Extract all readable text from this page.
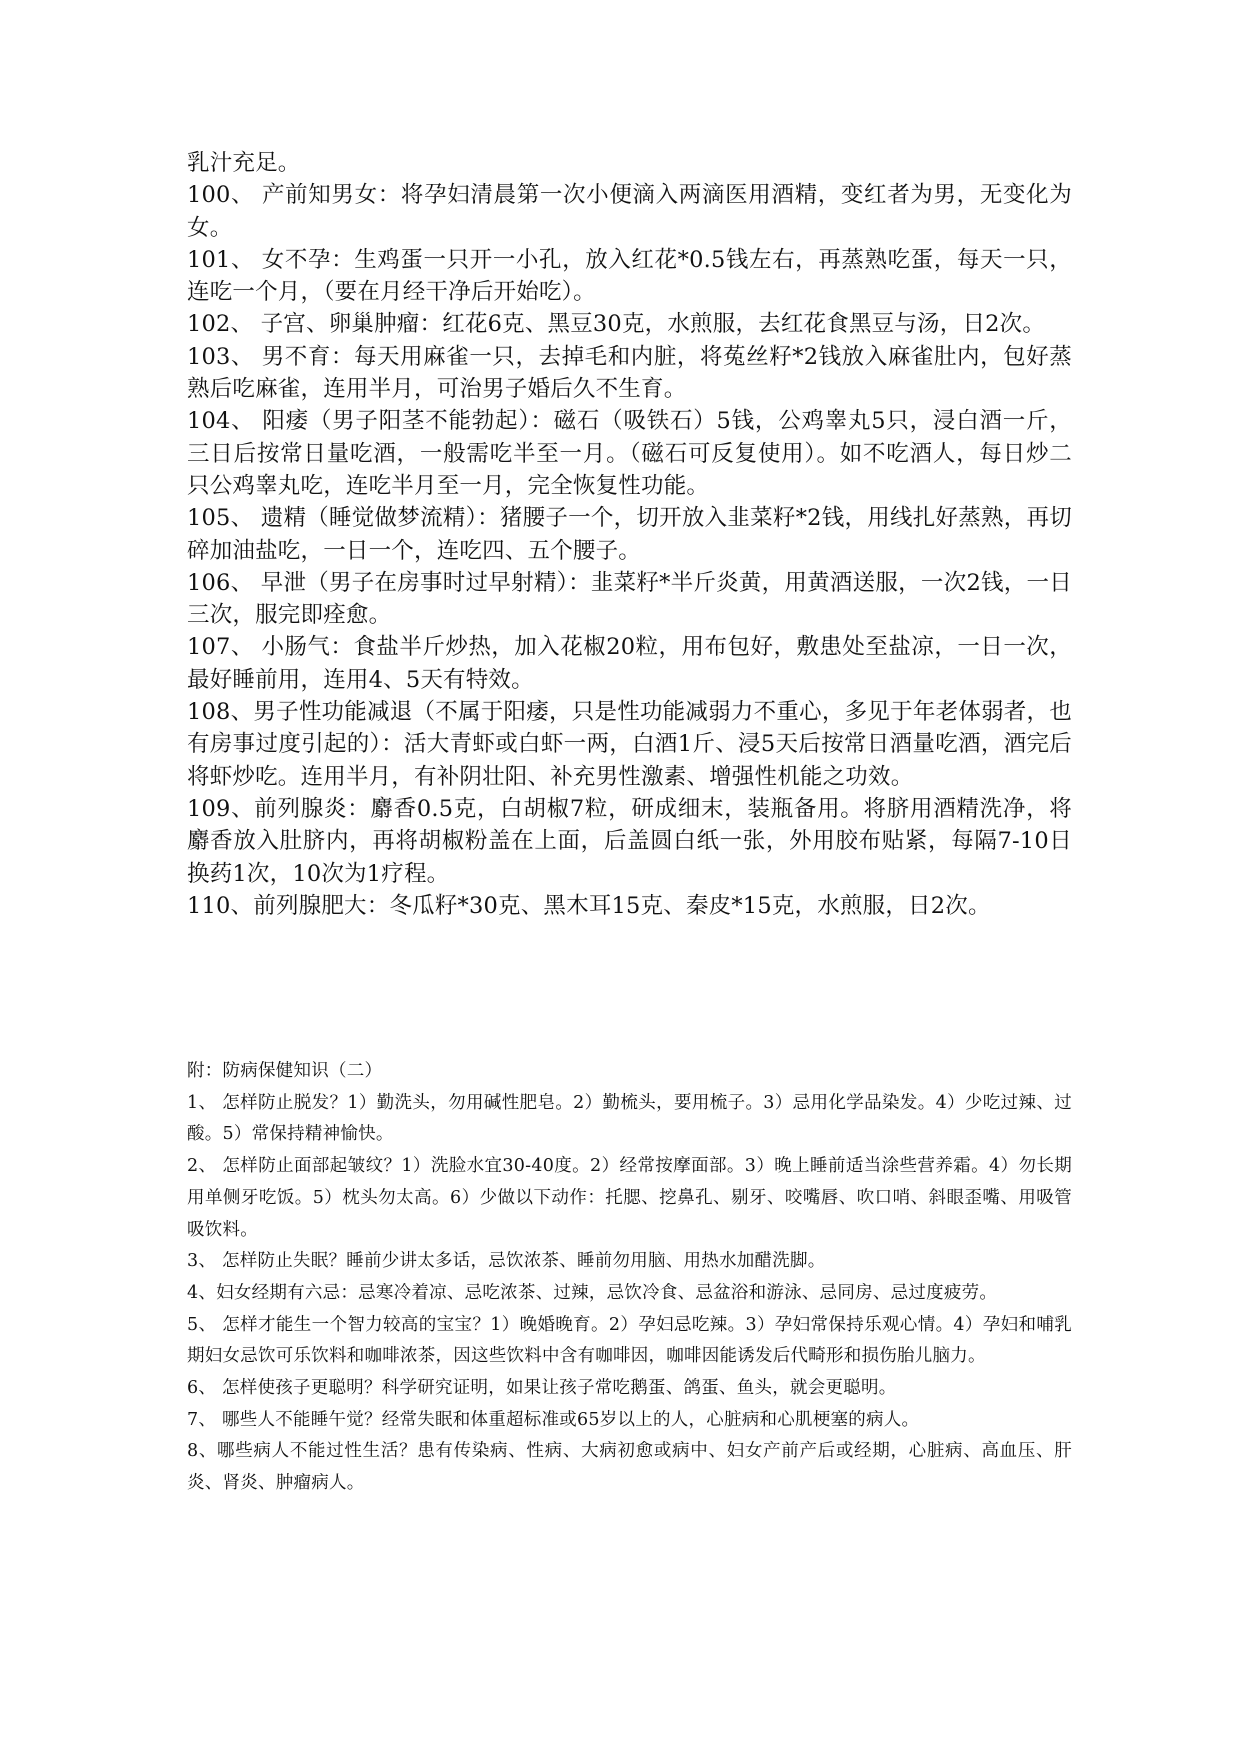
乳汁充足。

100、 产前知男女：将孕妇清晨第一次小便滴入两滴医用酒精，变红者为男，无变化为女。

101、 女不孕：生鸡蛋一只开一小孔，放入红花*0.5钱左右，再蒸熟吃蛋，每天一只，连吃一个月，（要在月经干净后开始吃）。

102、 子宫、卵巢肿瘤：红花6克、黑豆30克，水煎服，去红花食黑豆与汤，日2次。

103、 男不育：每天用麻雀一只，去掉毛和内脏，将菟丝籽*2钱放入麻雀肚内，包好蒸熟后吃麻雀，连用半月，可治男子婚后久不生育。

104、 阳痿（男子阳茎不能勃起）：磁石（吸铁石）5钱，公鸡睾丸5只，浸白酒一斤，三日后按常日量吃酒，一般需吃半至一月。（磁石可反复使用）。如不吃酒人，每日炒二只公鸡睾丸吃，连吃半月至一月，完全恢复性功能。

105、 遗精（睡觉做梦流精）：猪腰子一个，切开放入韭菜籽*2钱，用线扎好蒸熟，再切碎加油盐吃，一日一个，连吃四、五个腰子。

106、 早泄（男子在房事时过早射精）：韭菜籽*半斤炎黄，用黄酒送服，一次2钱，一日三次，服完即痊愈。

107、 小肠气：食盐半斤炒热，加入花椒20粒，用布包好，敷患处至盐凉，一日一次，最好睡前用，连用4、5天有特效。

108、男子性功能减退（不属于阳痿，只是性功能减弱力不重心，多见于年老体弱者，也有房事过度引起的）：活大青虾或白虾一两，白酒1斤、浸5天后按常日酒量吃酒，酒完后将虾炒吃。连用半月，有补阴壮阳、补充男性激素、增强性机能之功效。

109、前列腺炎：麝香0.5克，白胡椒7粒，研成细末，装瓶备用。将脐用酒精洗净，将麝香放入肚脐内，再将胡椒粉盖在上面，后盖圆白纸一张，外用胶布贴紧，每隔7-10日换药1次，10次为1疗程。

110、前列腺肥大：冬瓜籽*30克、黑木耳15克、秦皮*15克，水煎服，日2次。

附：防病保健知识（二）

1、 怎样防止脱发？1）勤洗头，勿用碱性肥皂。2）勤梳头，要用梳子。3）忌用化学品染发。4）少吃过辣、过酸。5）常保持精神愉快。

2、 怎样防止面部起皱纹？1）洗脸水宜30-40度。2）经常按摩面部。3）晚上睡前适当涂些营养霜。4）勿长期用单侧牙吃饭。5）枕头勿太高。6）少做以下动作：托腮、挖鼻孔、剔牙、咬嘴唇、吹口哨、斜眼歪嘴、用吸管吸饮料。

3、 怎样防止失眠？睡前少讲太多话，忌饮浓茶、睡前勿用脑、用热水加醋洗脚。

4、妇女经期有六忌：忌寒冷着凉、忌吃浓茶、过辣，忌饮冷食、忌盆浴和游泳、忌同房、忌过度疲劳。

5、 怎样才能生一个智力较高的宝宝？1）晚婚晚育。2）孕妇忌吃辣。3）孕妇常保持乐观心情。4）孕妇和哺乳期妇女忌饮可乐饮料和咖啡浓茶，因这些饮料中含有咖啡因，咖啡因能诱发后代畸形和损伤胎儿脑力。

6、 怎样使孩子更聪明？科学研究证明，如果让孩子常吃鹅蛋、鸽蛋、鱼头，就会更聪明。

7、 哪些人不能睡午觉？经常失眠和体重超标准或65岁以上的人，心脏病和心肌梗塞的病人。

8、哪些病人不能过性生活？患有传染病、性病、大病初愈或病中、妇女产前产后或经期，心脏病、高血压、肝炎、肾炎、肿瘤病人。
